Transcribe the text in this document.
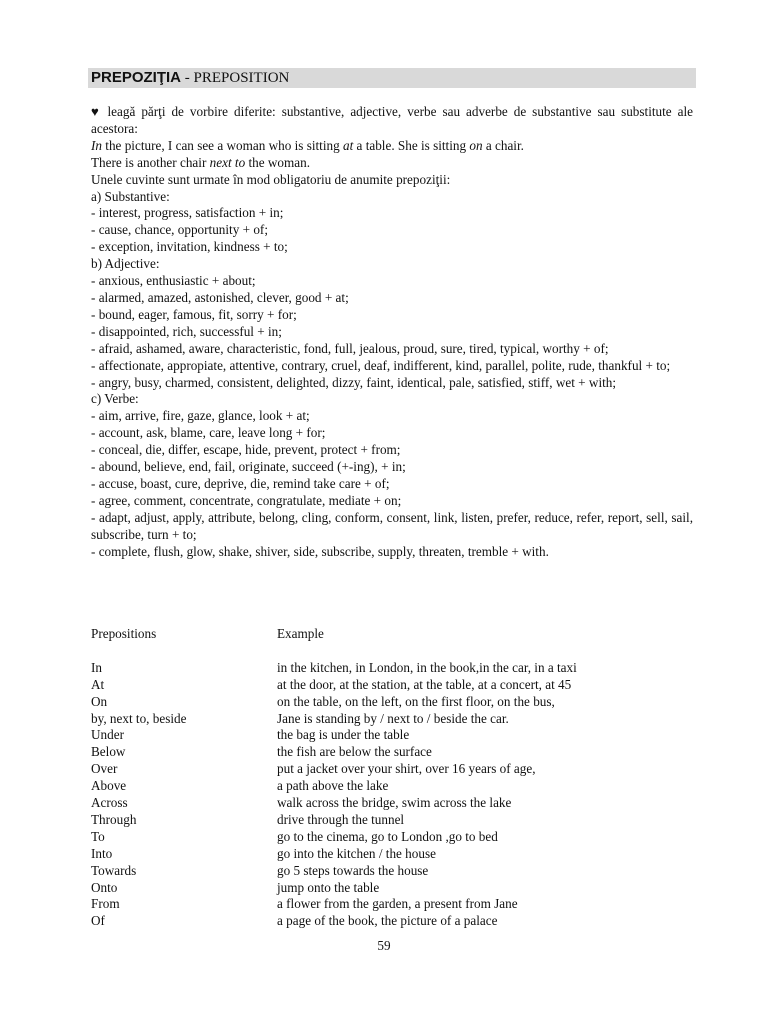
PREPOZIŢIA - PREPOSITION

♥ leagă părţi de vorbire diferite: substantive, adjective, verbe sau adverbe de substantive sau substitute ale acestora:

In the picture, I can see a woman who is sitting at a table. She is sitting on a chair.

There is another chair next to the woman.

Unele cuvinte sunt urmate în mod obligatoriu de anumite prepoziţii:

a) Substantive:

- interest, progress, satisfaction + in;

- cause, chance, opportunity + of;

- exception, invitation, kindness + to;

b) Adjective:

- anxious, enthusiastic + about;

- alarmed, amazed, astonished, clever, good + at;

- bound, eager, famous, fit, sorry + for;

- disappointed, rich, successful + in;

- afraid, ashamed, aware, characteristic, fond, full, jealous, proud, sure, tired, typical, worthy + of;

- affectionate, appropiate, attentive, contrary, cruel, deaf, indifferent, kind, parallel, polite, rude, thankful + to;

- angry, busy, charmed, consistent, delighted, dizzy, faint, identical, pale, satisfied, stiff, wet + with;

c) Verbe:

- aim, arrive, fire, gaze, glance, look + at;

- account, ask, blame, care, leave long + for;

- conceal, die, differ, escape, hide, prevent, protect + from;

- abound, believe, end, fail, originate, succeed (+-ing), + in;

- accuse, boast, cure, deprive, die, remind take care + of;

- agree, comment, concentrate, congratulate, mediate + on;

- adapt, adjust, apply, attribute, belong, cling, conform, consent, link, listen, prefer, reduce, refer, report, sell, sail, subscribe, turn + to;

- complete, flush, glow, shake, shiver, side, subscribe, supply, threaten, tremble + with.

Prepositions	Example
In	in the kitchen, in London, in the book,in the car, in a taxi
At	at the door, at the station, at the table, at a concert, at 45
On	on the table, on the left, on the first floor, on the bus,
by, next to, beside	Jane is standing by / next to / beside the car.
Under	the bag is under the table
Below	the fish are below the surface
Over	put a jacket over your shirt, over 16 years of age,
Above	a path above the lake
Across	walk across the bridge, swim across the lake
Through	drive through the tunnel
To	go to the cinema, go to London ,go to bed
Into	go into the kitchen / the house
Towards	go 5 steps towards the house
Onto	jump onto the table
From	a flower from the garden, a present from Jane
Of	a page of the book, the picture of a palace
59
